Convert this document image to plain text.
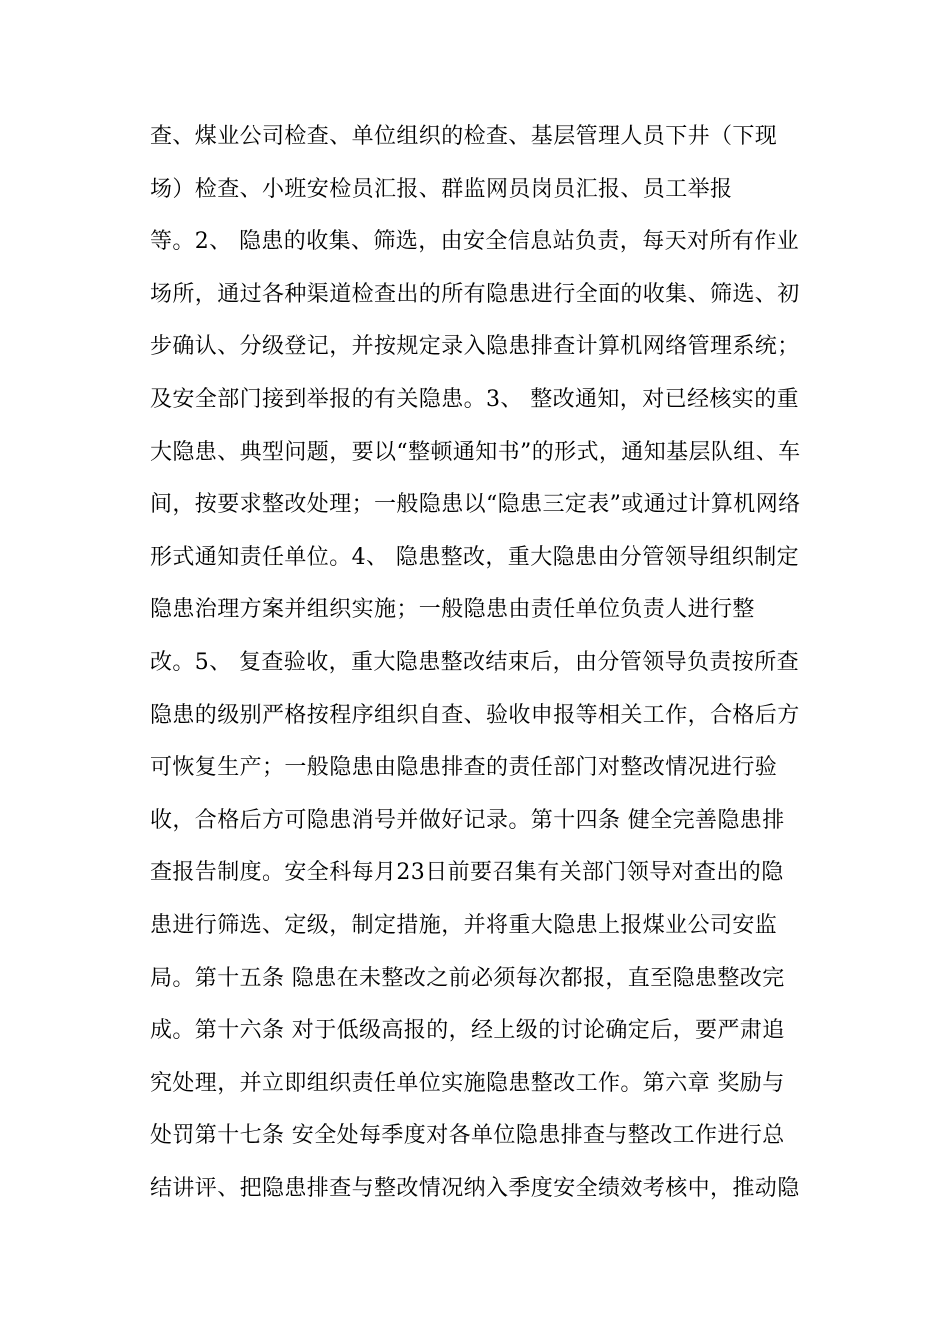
查、煤业公司检查、单位组织的检查、基层管理人员下井（下现
场）检查、小班安检员汇报、群监网员岗员汇报、员工举报
等。2、 隐患的收集、筛选，由安全信息站负责，每天对所有作业
场所，通过各种渠道检查出的所有隐患进行全面的收集、筛选、初
步确认、分级登记，并按规定录入隐患排查计算机网络管理系统；
及安全部门接到举报的有关隐患。3、 整改通知，对已经核实的重
大隐患、典型问题，要以“整顿通知书”的形式，通知基层队组、车
间，按要求整改处理；一般隐患以“隐患三定表”或通过计算机网络
形式通知责任单位。4、 隐患整改，重大隐患由分管领导组织制定
隐患治理方案并组织实施；一般隐患由责任单位负责人进行整
改。5、 复查验收，重大隐患整改结束后，由分管领导负责按所查
隐患的级别严格按程序组织自查、验收申报等相关工作，合格后方
可恢复生产；一般隐患由隐患排查的责任部门对整改情况进行验
收，合格后方可隐患消号并做好记录。第十四条 健全完善隐患排
查报告制度。安全科每月23日前要召集有关部门领导对查出的隐
患进行筛选、定级，制定措施，并将重大隐患上报煤业公司安监
局。第十五条 隐患在未整改之前必须每次都报，直至隐患整改完
成。第十六条 对于低级高报的，经上级的讨论确定后，要严肃追
究处理，并立即组织责任单位实施隐患整改工作。第六章 奖励与
处罚第十七条 安全处每季度对各单位隐患排查与整改工作进行总
结讲评、把隐患排查与整改情况纳入季度安全绩效考核中，推动隐
